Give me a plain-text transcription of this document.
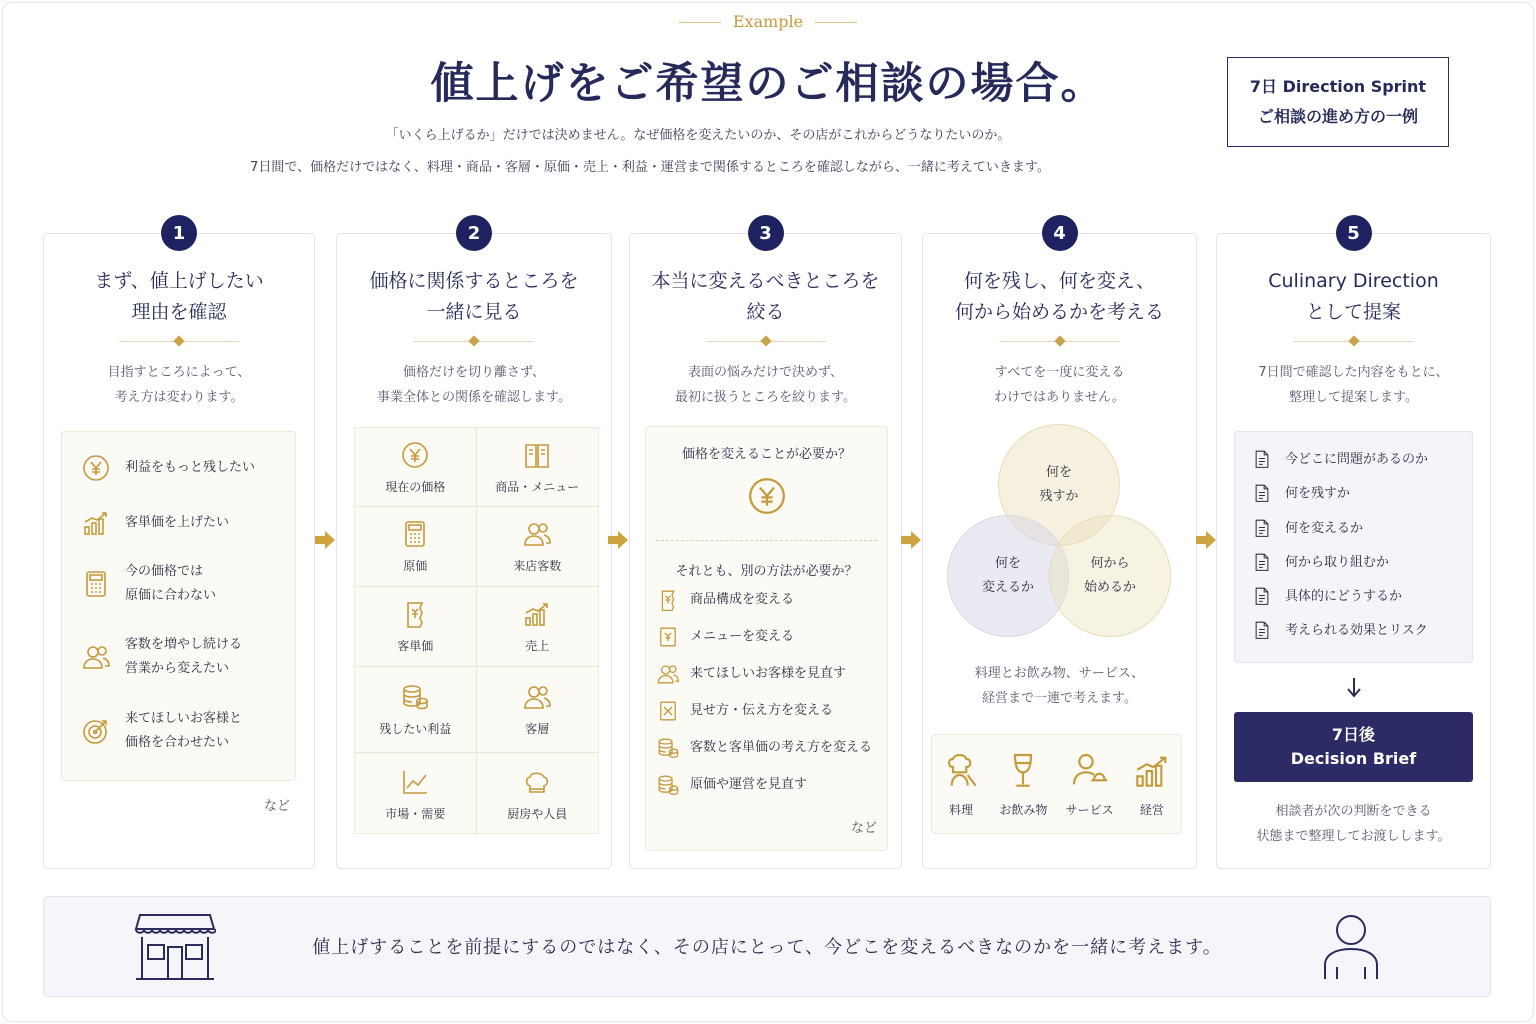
Example
値上げをご希望のご相談の場合。
「いくら上げるか」だけでは決めません。なぜ価格を変えたいのか、その店がこれからどうなりたいのか。
7日間で、価格だけではなく、料理・商品・客層・原価・売上・利益・運営まで関係するところを確認しながら、一緒に考えていきます。
7日 Direction Sprint
ご相談の進め方の一例
1
まず、値上げしたい
理由を確認
目指すところによって、
考え方は変わります。
利益をもっと残したい
客単価を上げたい
今の価格では
原価に合わない
客数を増やし続ける
営業から変えたい
来てほしいお客様と
価格を合わせたい
など
2
価格に関係するところを
一緒に見る
価格だけを切り離さず、
事業全体との関係を確認します。
現在の価格	商品・メニュー
原価	来店客数
客単価	売上
残したい利益	客層
市場・需要	厨房や人員
3
本当に変えるべきところを
絞る
表面の悩みだけで決めず、
最初に扱うところを絞ります。
価格を変えることが必要か？
それとも、別の方法が必要か？
商品構成を変える
メニューを変える
来てほしいお客様を見直す
見せ方・伝え方を変える
客数と客単価の考え方を変える
原価や運営を見直す
など
4
何を残し、何を変え、
何から始めるかを考える
すべてを一度に変える
わけではありません。
何を
残すか
何を
変えるか
何から
始めるか
料理とお飲み物、サービス、
経営まで一連で考えます。
料理 お飲み物 サービス 経営
5
Culinary Direction
として提案
7日間で確認した内容をもとに、
整理して提案します。
今どこに問題があるのか
何を残すか
何を変えるか
何から取り組むか
具体的にどうするか
考えられる効果とリスク
7日後
Decision Brief
相談者が次の判断をできる
状態まで整理してお渡しします。
値上げすることを前提にするのではなく、その店にとって、今どこを変えるべきなのかを一緒に考えます。
